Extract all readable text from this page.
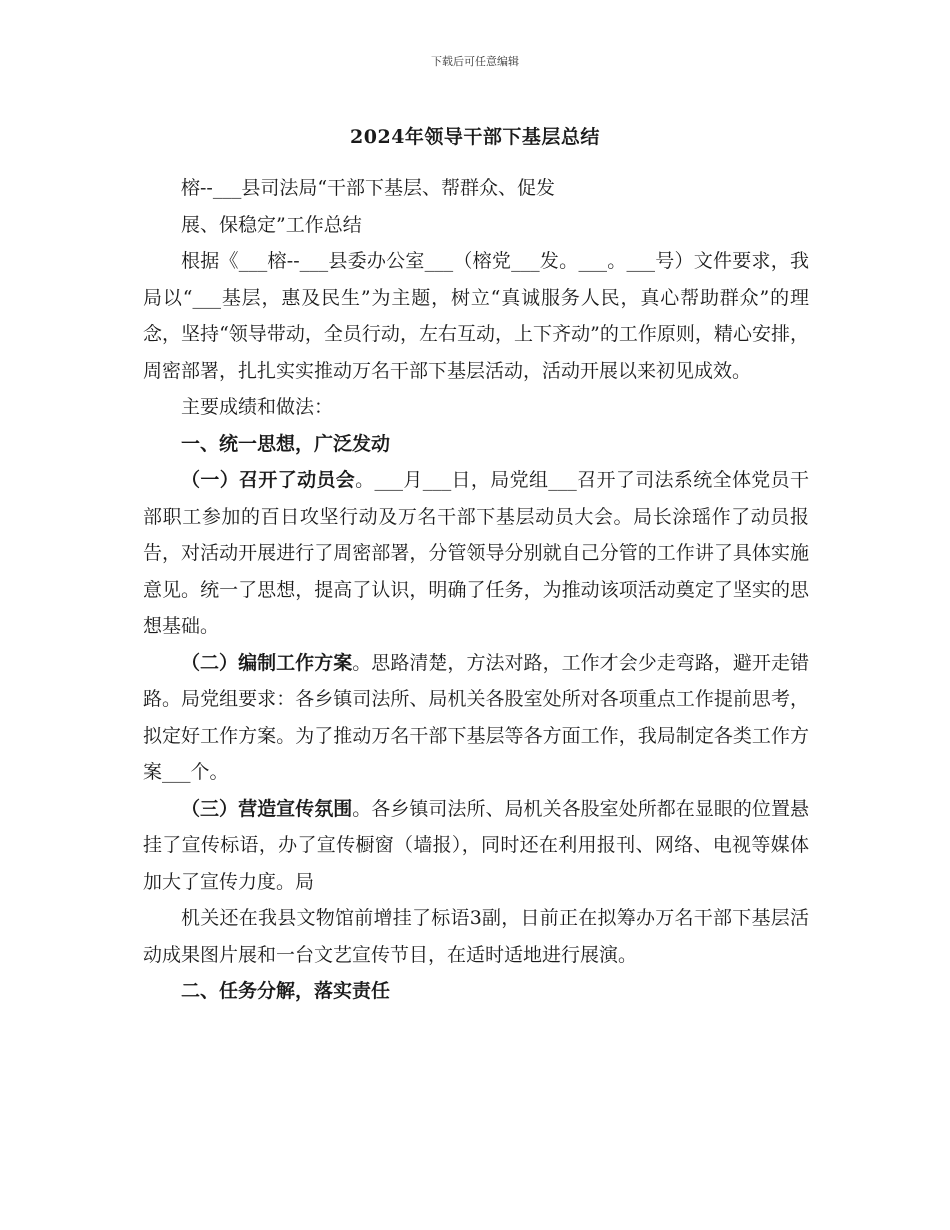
下载后可任意编辑
2024年领导干部下基层总结

榕--___县司法局“干部下基层、帮群众、促发

展、保稳定”工作总结

根据《___榕--___县委办公室___（榕党___发。___。___号）文件要求，我局以“___基层，惠及民生”为主题，树立“真诚服务人民，真心帮助群众”的理念，坚持“领导带动，全员行动，左右互动，上下齐动”的工作原则，精心安排，周密部署，扎扎实实推动万名干部下基层活动，活动开展以来初见成效。

主要成绩和做法：

一、统一思想，广泛发动

（一）召开了动员会。___月___日，局党组___召开了司法系统全体党员干部职工参加的百日攻坚行动及万名干部下基层动员大会。局长涂瑶作了动员报告，对活动开展进行了周密部署，分管领导分别就自己分管的工作讲了具体实施意见。统一了思想，提高了认识，明确了任务，为推动该项活动奠定了坚实的思想基础。

（二）编制工作方案。思路清楚，方法对路，工作才会少走弯路，避开走错路。局党组要求：各乡镇司法所、局机关各股室处所对各项重点工作提前思考，拟定好工作方案。为了推动万名干部下基层等各方面工作，我局制定各类工作方案___个。

（三）营造宣传氛围。各乡镇司法所、局机关各股室处所都在显眼的位置悬挂了宣传标语，办了宣传橱窗（墙报），同时还在利用报刊、网络、电视等媒体加大了宣传力度。局

机关还在我县文物馆前增挂了标语3副，日前正在拟筹办万名干部下基层活动成果图片展和一台文艺宣传节目，在适时适地进行展演。

二、任务分解，落实责任
